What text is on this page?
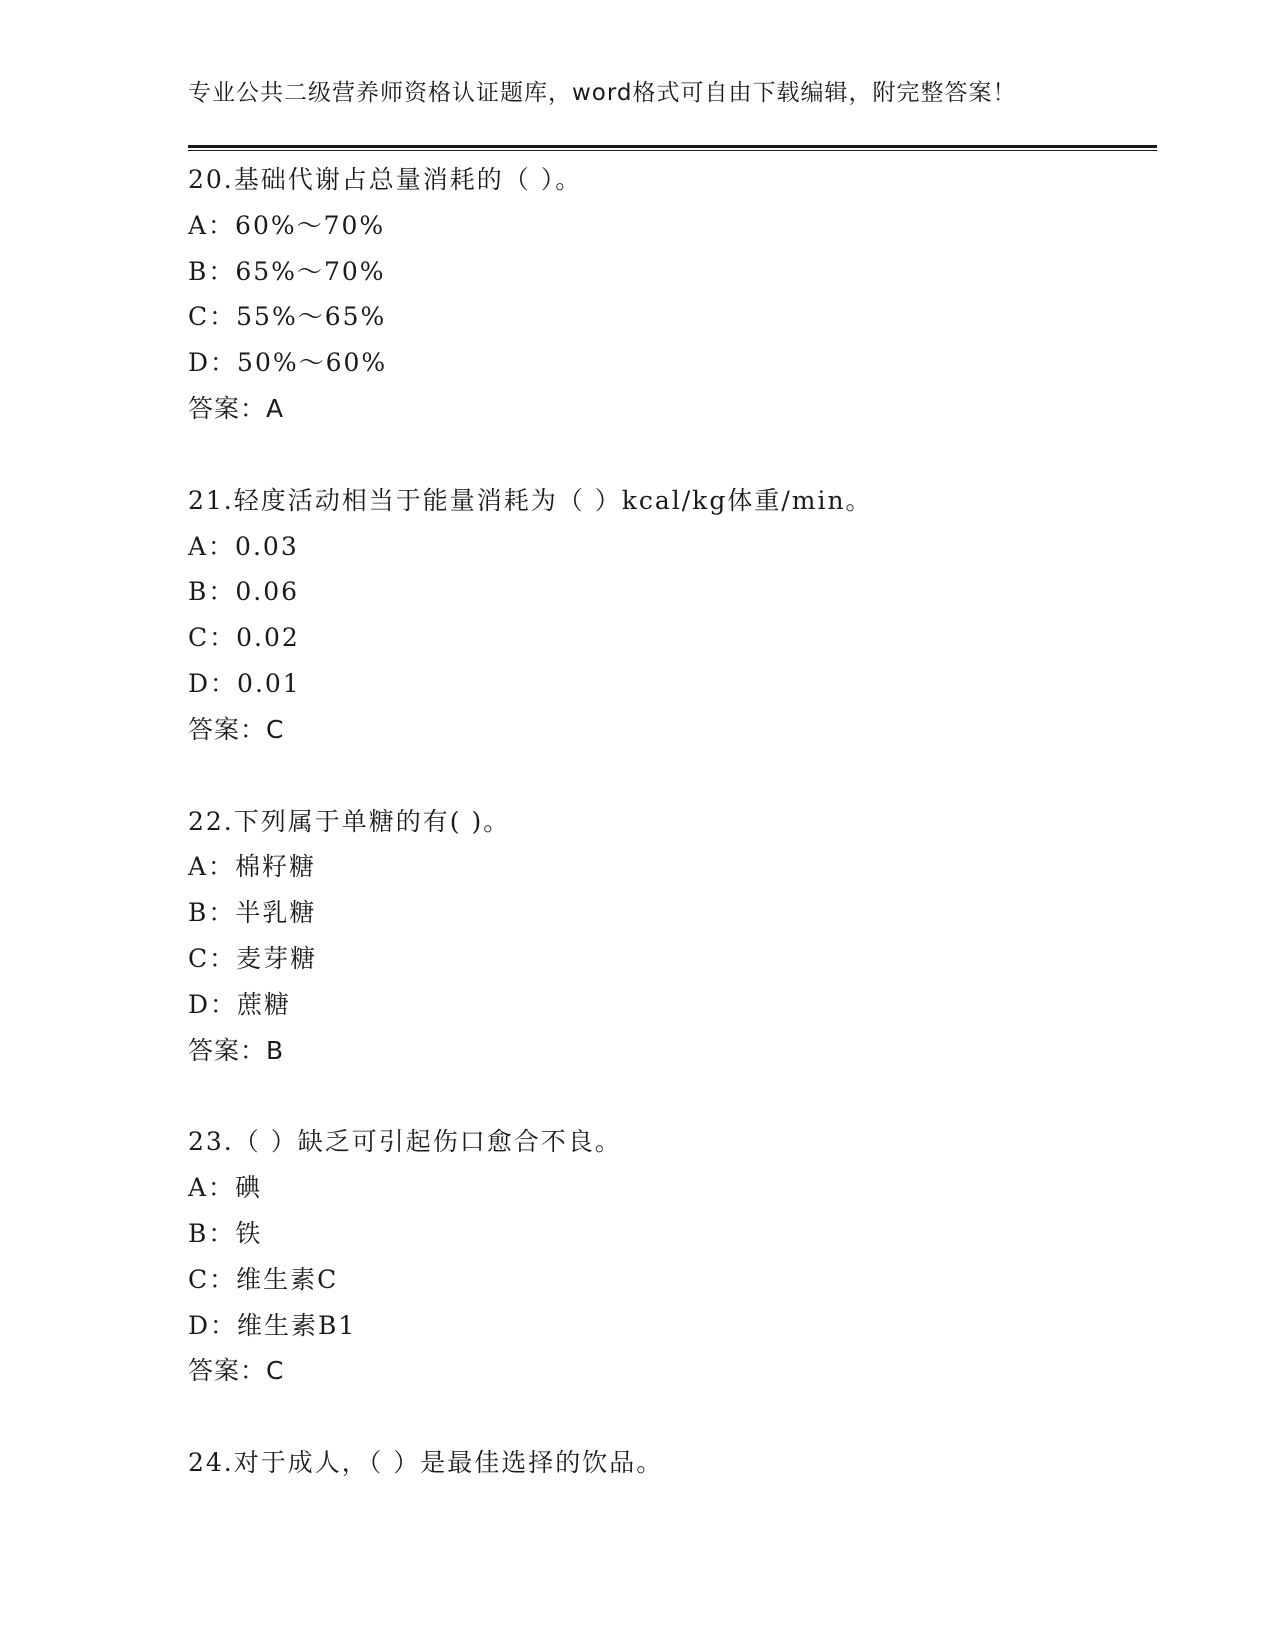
专业公共二级营养师资格认证题库，word格式可自由下载编辑，附完整答案！
20.基础代谢占总量消耗的（ ）。
A：60%～70%
B：65%～70%
C：55%～65%
D：50%～60%
答案：A
21.轻度活动相当于能量消耗为（ ）kcal/kg体重/min。
A：0.03
B：0.06
C：0.02
D：0.01
答案：C
22.下列属于单糖的有( )。
A：棉籽糖
B：半乳糖
C：麦芽糖
D：蔗糖
答案：B
23.（ ）缺乏可引起伤口愈合不良。
A：碘
B：铁
C：维生素C
D：维生素B1
答案：C
24.对于成人，（ ）是最佳选择的饮品。
